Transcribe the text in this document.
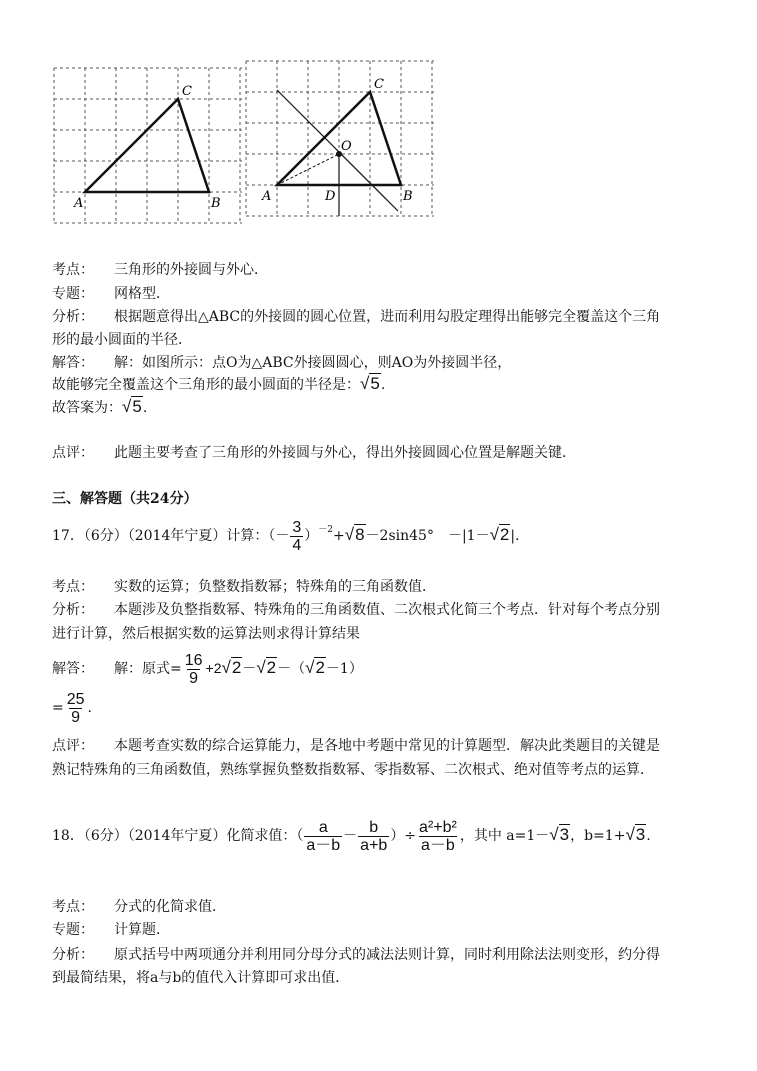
A	B
C
A	B
C
D
O
考点： 三角形的外接圆与外心．
专题： 网格型．
分析： 根据题意得出△ABC的外接圆的圆心位置，进而利用勾股定理得出能够完全覆盖这个三角
形的最小圆面的半径．
解答： 解：如图所示：点O为△ABC外接圆圆心，则AO为外接圆半径，
故能够完全覆盖这个三角形的最小圆面的半径是：√5.
故答案为：√5.
点评： 此题主要考查了三角形的外接圆与外心，得出外接圆圆心位置是解题关键．
三、解答题（共24分）
17．（6分）（2014年宁夏）计算：（－ $\frac{3}{4} )^{-2}+√8-2\sin 45^\circ$　－|1－√2|．
考点： 实数的运算；负整数指数幂；特殊角的三角函数值．
分析： 本题涉及负整指数幂、特殊角的三角函数值、二次根式化简三个考点．针对每个考点分别
进行计算，然后根据实数的运算法则求得计算结果
解答： 解：原式= $\frac{16}{9} +2√2-√2-(√2-1)$
= $\frac{25}{9}$ .
点评： 本题考查实数的综合运算能力，是各地中考题中常见的计算题型．解决此类题目的关键是
熟记特殊角的三角函数值，熟练掌握负整数指数幂、零指数幂、二次根式、绝对值等考点的运算．
18．（6分）（2014年宁夏）化简求值：（ $\frac{a}{a-b} - \frac{b}{a+b}$ ）÷ $\frac{\text{a²+b²}}{a-b}$ ，其中 a=1－√3，b=1+√3.
考点： 分式的化简求值．
专题： 计算题．
分析： 原式括号中两项通分并利用同分母分式的减法法则计算，同时利用除法法则变形，约分得
到最简结果，将a与b的值代入计算即可求出值．
